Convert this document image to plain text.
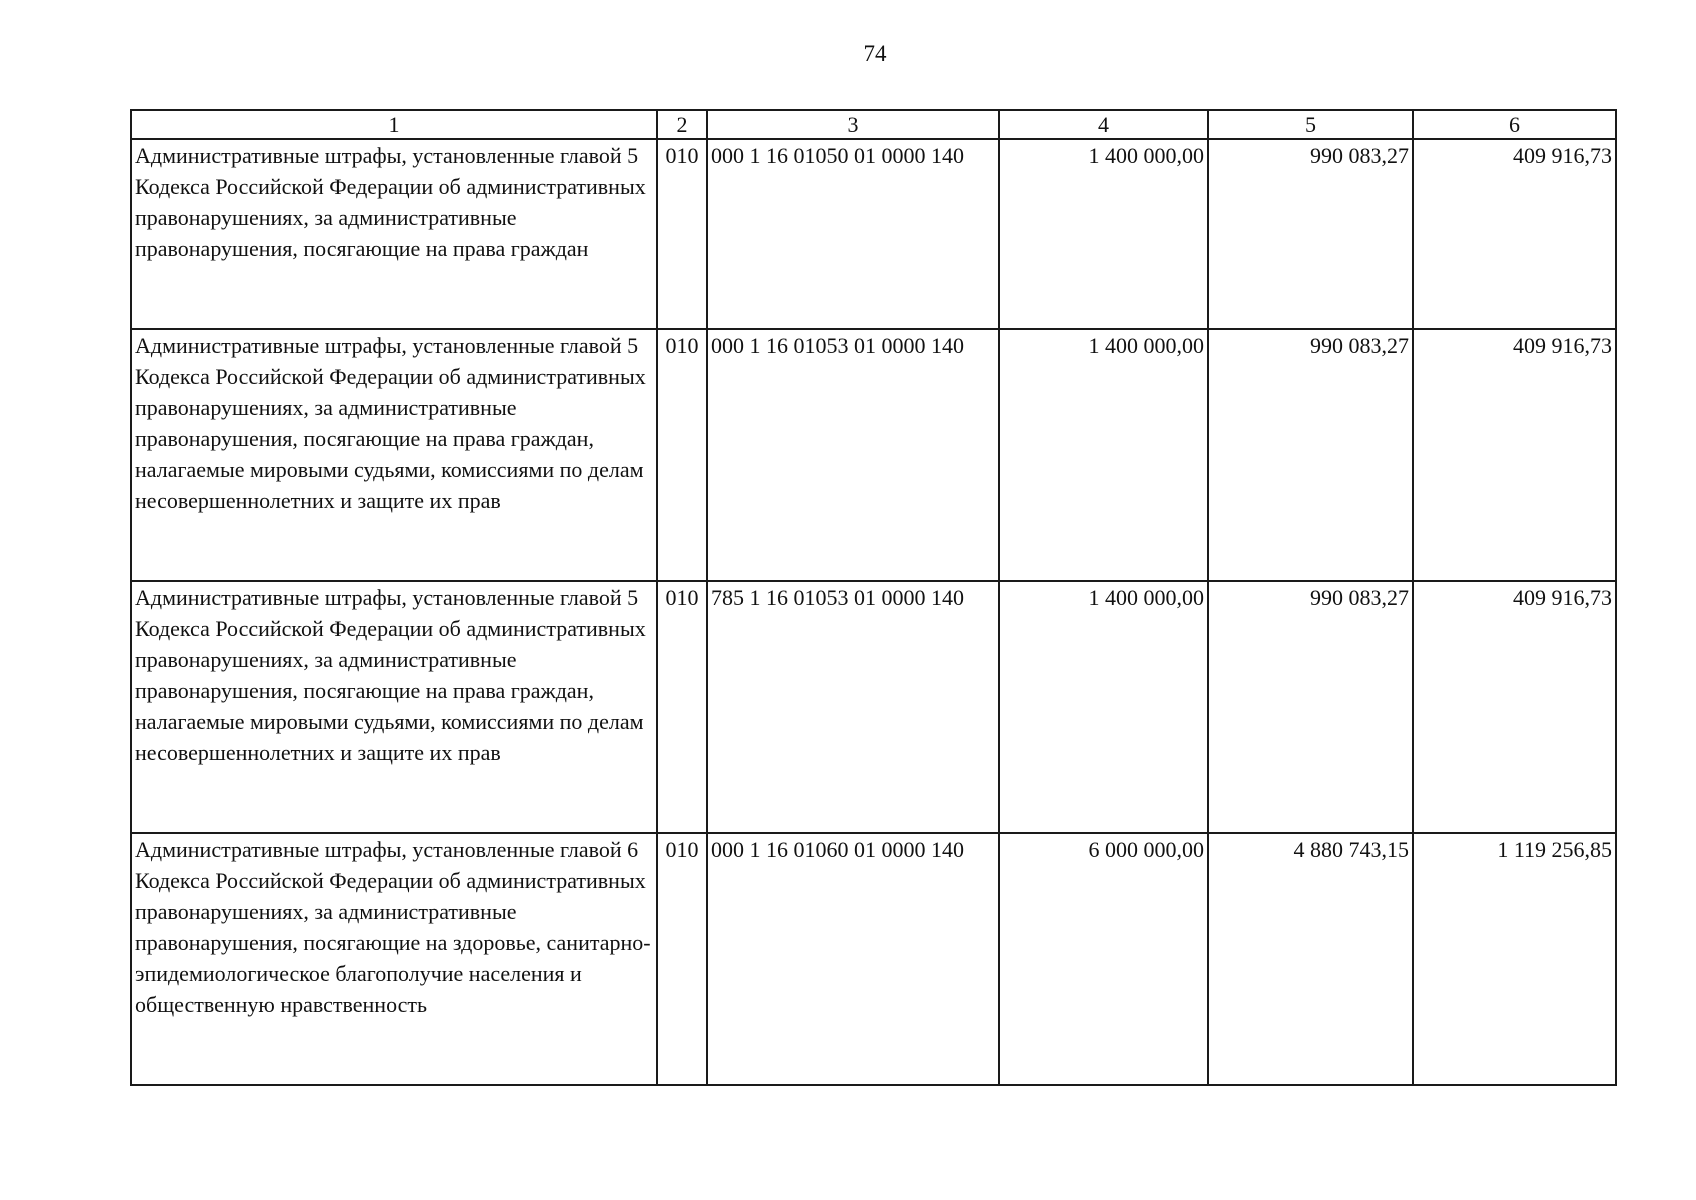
74
1	2	3	4	5	6
Административные штрафы, установленные главой 5 Кодекса Российской Федерации об административных правонарушениях, за административные правонарушения, посягающие на права граждан	010	000 1 16 01050 01 0000 140	1 400 000,00	990 083,27	409 916,73
Административные штрафы, установленные главой 5 Кодекса Российской Федерации об административных правонарушениях, за административные правонарушения, посягающие на права граждан, налагаемые мировыми судьями, комиссиями по делам несовершеннолетних и защите их прав	010	000 1 16 01053 01 0000 140	1 400 000,00	990 083,27	409 916,73
Административные штрафы, установленные главой 5 Кодекса Российской Федерации об административных правонарушениях, за административные правонарушения, посягающие на права граждан, налагаемые мировыми судьями, комиссиями по делам несовершеннолетних и защите их прав	010	785 1 16 01053 01 0000 140	1 400 000,00	990 083,27	409 916,73
Административные штрафы, установленные главой 6 Кодекса Российской Федерации об административных правонарушениях, за административные правонарушения, посягающие на здоровье, санитарно-эпидемиологическое благополучие населения и общественную нравственность	010	000 1 16 01060 01 0000 140	6 000 000,00	4 880 743,15	1 119 256,85
